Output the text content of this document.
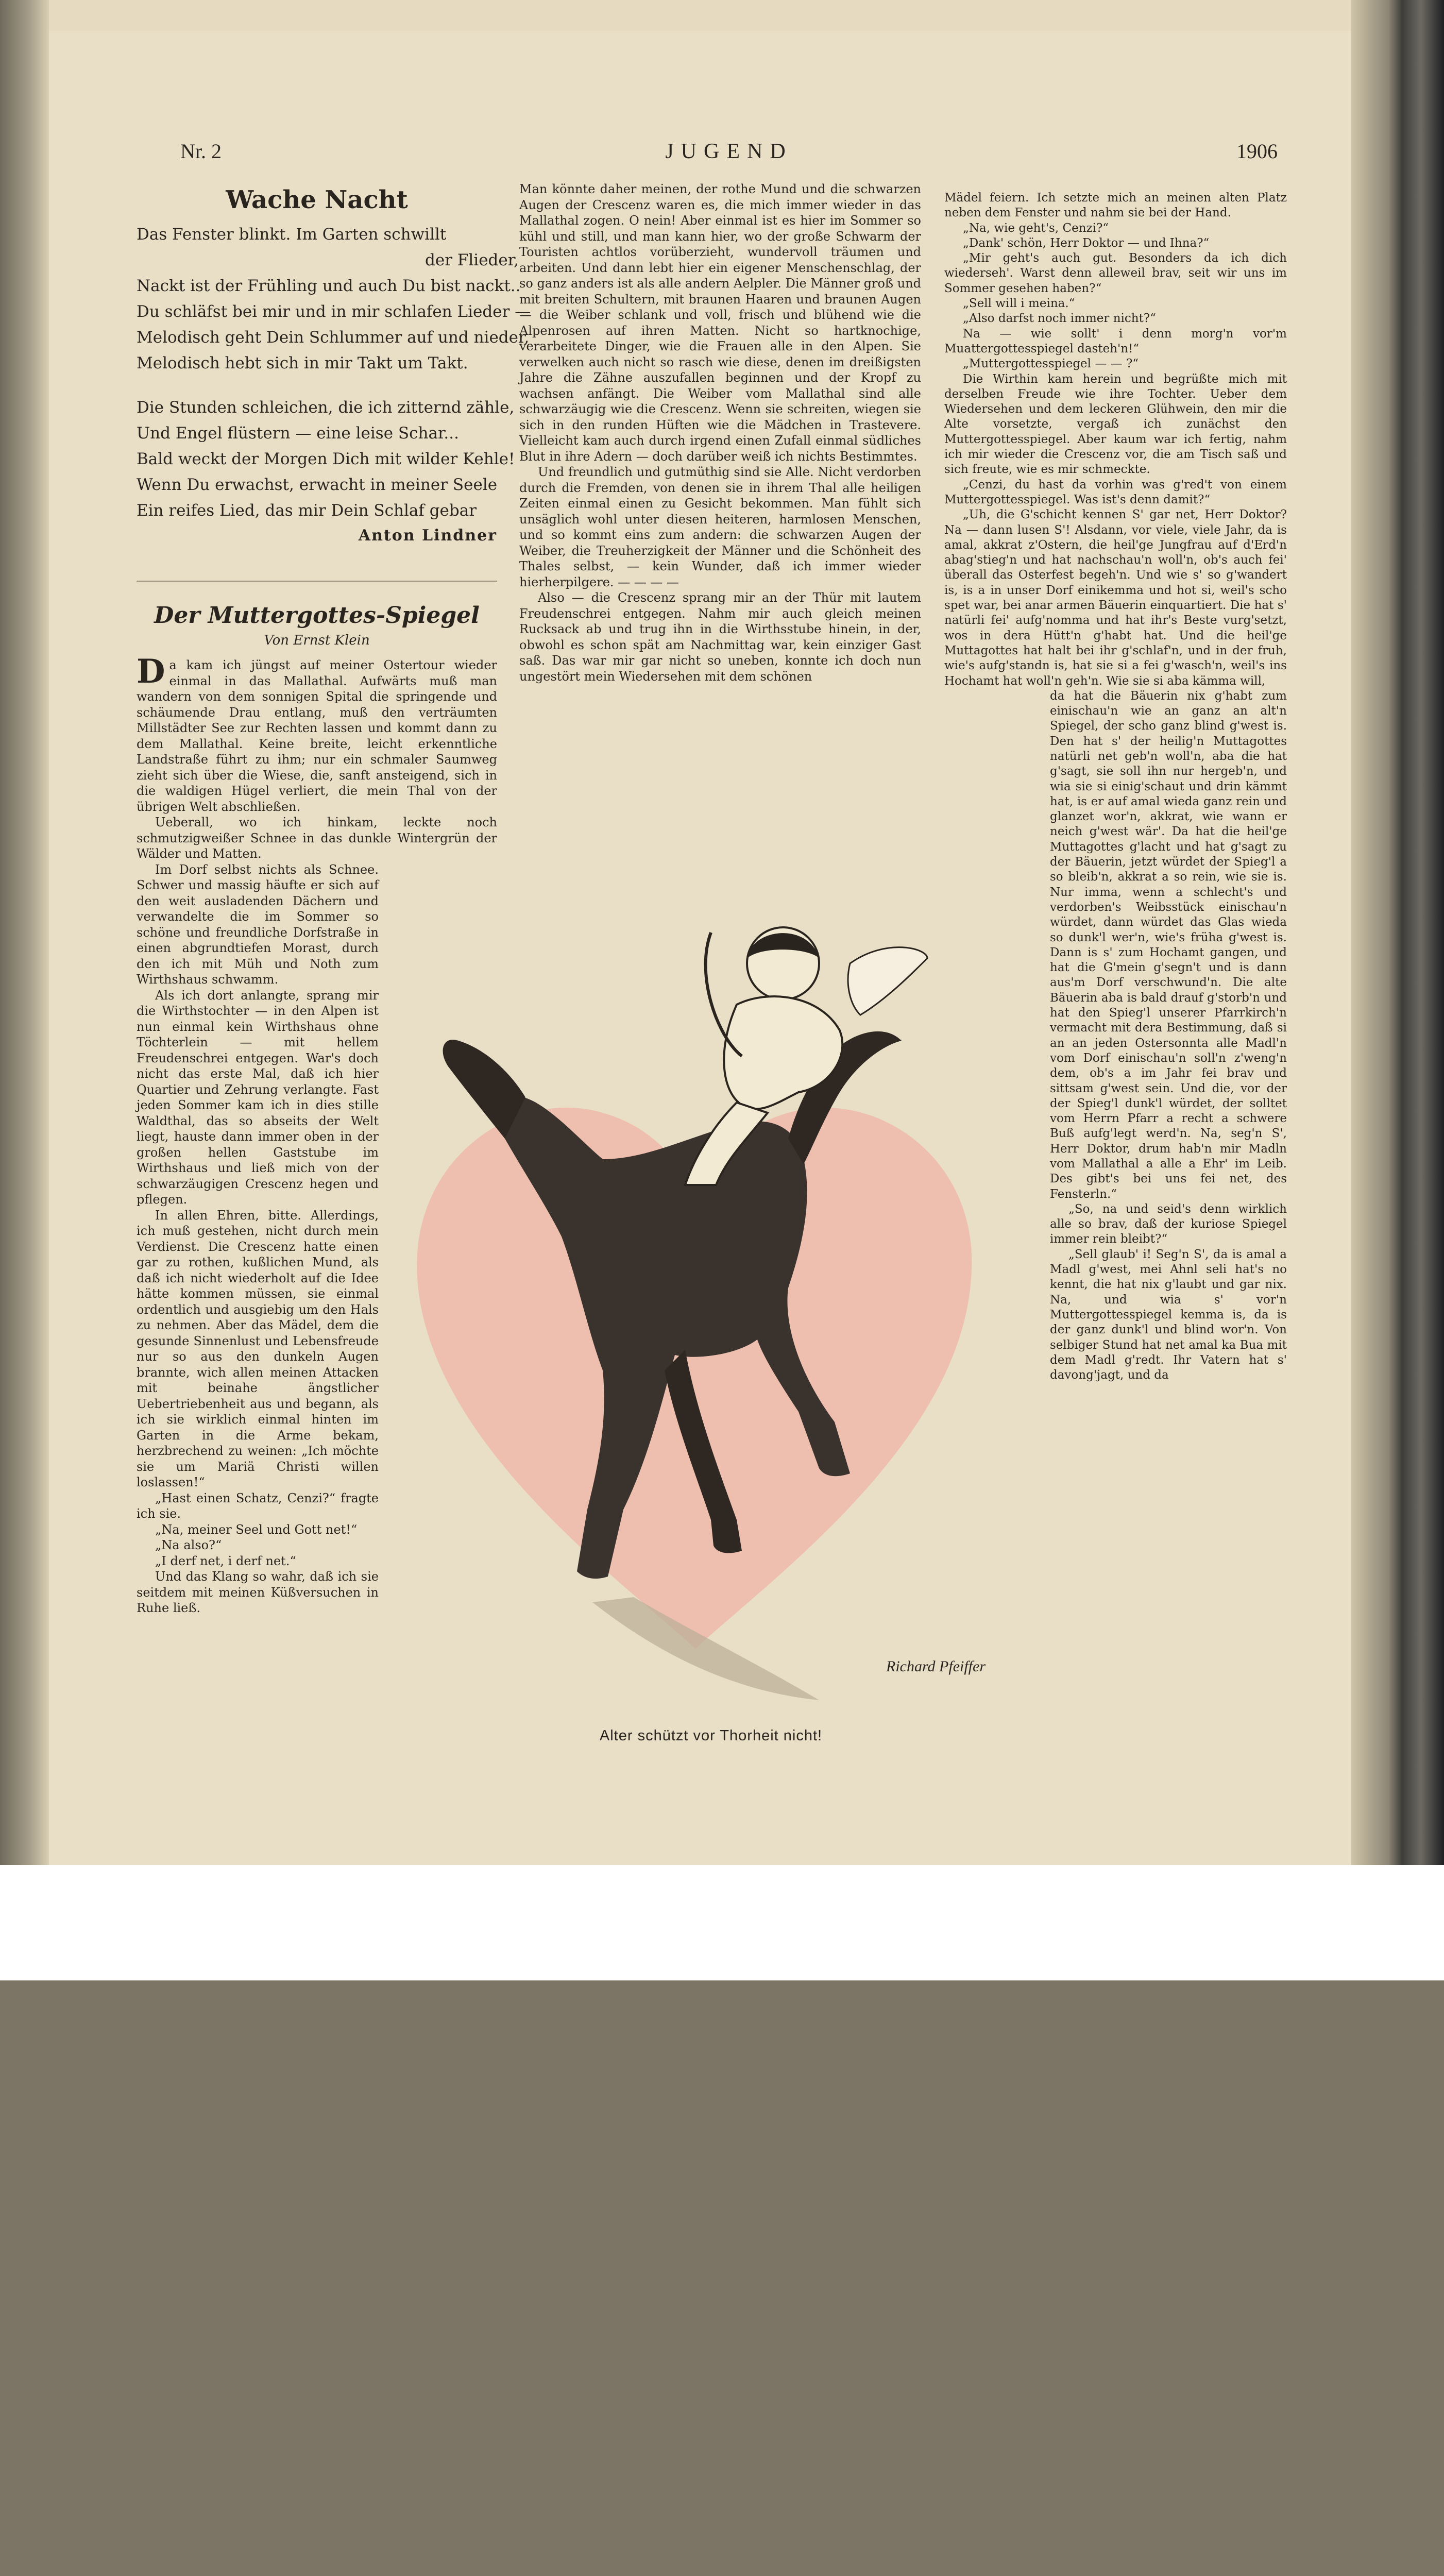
Nr. 2	JUGEND	1906
Wache Nacht
Das Fenster blinkt. Im Garten schwillt
der Flieder,
Nackt ist der Frühling und auch Du bist nackt..
Du schläfst bei mir und in mir schlafen Lieder —
Melodisch geht Dein Schlummer auf und nieder,
Melodisch hebt sich in mir Takt um Takt.
Die Stunden schleichen, die ich zitternd zähle,
Und Engel flüstern — eine leise Schar...
Bald weckt der Morgen Dich mit wilder Kehle!
Wenn Du erwachst, erwacht in meiner Seele
Ein reifes Lied, das mir Dein Schlaf gebar
Anton Lindner
Der Muttergottes-Spiegel
Von Ernst Klein

Da kam ich jüngst auf meiner Ostertour wieder einmal in das Mallathal. Aufwärts muß man wandern von dem sonnigen Spital die springende und schäumende Drau entlang, muß den verträumten Millstädter See zur Rechten lassen und kommt dann zu dem Mallathal. Keine breite, leicht erkenntliche Landstraße führt zu ihm; nur ein schmaler Saumweg zieht sich über die Wiese, die, sanft ansteigend, sich in die waldigen Hügel verliert, die mein Thal von der übrigen Welt abschließen.

Ueberall, wo ich hinkam, leckte noch schmutzigweißer Schnee in das dunkle Wintergrün der Wälder und Matten.

Im Dorf selbst nichts als Schnee. Schwer und massig häufte er sich auf den weit ausladenden Dächern und verwandelte die im Sommer so schöne und freundliche Dorfstraße in einen abgrundtiefen Morast, durch den ich mit Müh und Noth zum Wirthshaus schwamm.

Als ich dort anlangte, sprang mir die Wirthstochter — in den Alpen ist nun einmal kein Wirthshaus ohne Töchterlein — mit hellem Freudenschrei entgegen. War's doch nicht das erste Mal, daß ich hier Quartier und Zehrung verlangte. Fast jeden Sommer kam ich in dies stille Waldthal, das so abseits der Welt liegt, hauste dann immer oben in der großen hellen Gaststube im Wirthshaus und ließ mich von der schwarzäugigen Crescenz hegen und pflegen.

In allen Ehren, bitte. Allerdings, ich muß gestehen, nicht durch mein Verdienst. Die Crescenz hatte einen gar zu rothen, kußlichen Mund, als daß ich nicht wiederholt auf die Idee hätte kommen müssen, sie einmal ordentlich und ausgiebig um den Hals zu nehmen. Aber das Mädel, dem die gesunde Sinnenlust und Lebensfreude nur so aus den dunkeln Augen brannte, wich allen meinen Attacken mit beinahe ängstlicher Uebertriebenheit aus und begann, als ich sie wirklich einmal hinten im Garten in die Arme bekam, herzbrechend zu weinen: „Ich möchte sie um Mariä Christi willen loslassen!“

„Hast einen Schatz, Cenzi?“ fragte ich sie.

„Na, meiner Seel und Gott net!“

„Na also?“

„I derf net, i derf net.“

Und das Klang so wahr, daß ich sie seitdem mit meinen Küßversuchen in Ruhe ließ.

Man könnte daher meinen, der rothe Mund und die schwarzen Augen der Crescenz waren es, die mich immer wieder in das Mallathal zogen. O nein! Aber einmal ist es hier im Sommer so kühl und still, und man kann hier, wo der große Schwarm der Touristen achtlos vorüberzieht, wundervoll träumen und arbeiten. Und dann lebt hier ein eigener Menschenschlag, der so ganz anders ist als alle andern Aelpler. Die Männer groß und mit breiten Schultern, mit braunen Haaren und braunen Augen — die Weiber schlank und voll, frisch und blühend wie die Alpenrosen auf ihren Matten. Nicht so hartknochige, verarbeitete Dinger, wie die Frauen alle in den Alpen. Sie verwelken auch nicht so rasch wie diese, denen im dreißigsten Jahre die Zähne auszufallen beginnen und der Kropf zu wachsen anfängt. Die Weiber vom Mallathal sind alle schwarzäugig wie die Crescenz. Wenn sie schreiten, wiegen sie sich in den runden Hüften wie die Mädchen in Trastevere. Vielleicht kam auch durch irgend einen Zufall einmal südliches Blut in ihre Adern — doch darüber weiß ich nichts Bestimmtes.

Und freundlich und gutmüthig sind sie Alle. Nicht verdorben durch die Fremden, von denen sie in ihrem Thal alle heiligen Zeiten einmal einen zu Gesicht bekommen. Man fühlt sich unsäglich wohl unter diesen heiteren, harmlosen Menschen, und so kommt eins zum andern: die schwarzen Augen der Weiber, die Treuherzigkeit der Männer und die Schönheit des Thales selbst, — kein Wunder, daß ich immer wieder hierherpilgere. — — — —

Also — die Crescenz sprang mir an der Thür mit lautem Freudenschrei entgegen. Nahm mir auch gleich meinen Rucksack ab und trug ihn in die Wirthsstube hinein, in der, obwohl es schon spät am Nachmittag war, kein einziger Gast saß. Das war mir gar nicht so uneben, konnte ich doch nun ungestört mein Wiedersehen mit dem schönen

Mädel feiern. Ich setzte mich an meinen alten Platz neben dem Fenster und nahm sie bei der Hand.

„Na, wie geht's, Cenzi?“

„Dank' schön, Herr Doktor — und Ihna?“

„Mir geht's auch gut. Besonders da ich dich wiederseh'. Warst denn alleweil brav, seit wir uns im Sommer gesehen haben?“

„Sell will i meina.“

„Also darfst noch immer nicht?“

Na — wie sollt' i denn morg'n vor'm Muattergottesspiegel dasteh'n!“

„Muttergottesspiegel — — ?“

Die Wirthin kam herein und begrüßte mich mit derselben Freude wie ihre Tochter. Ueber dem Wiedersehen und dem leckeren Glühwein, den mir die Alte vorsetzte, vergaß ich zunächst den Muttergottesspiegel. Aber kaum war ich fertig, nahm ich mir wieder die Crescenz vor, die am Tisch saß und sich freute, wie es mir schmeckte.

„Cenzi, du hast da vorhin was g'red't von einem Muttergottesspiegel. Was ist's denn damit?“

„Uh, die G'schicht kennen S' gar net, Herr Doktor? Na — dann lusen S'! Alsdann, vor viele, viele Jahr, da is amal, akkrat z'Ostern, die heil'ge Jungfrau auf d'Erd'n abag'stieg'n und hat nachschau'n woll'n, ob's auch fei' überall das Osterfest begeh'n. Und wie s' so g'wandert is, is a in unser Dorf einikemma und hot si, weil's scho spet war, bei anar armen Bäuerin einquartiert. Die hat s' natürli fei' aufg'nomma und hat ihr's Beste vurg'setzt, wos in dera Hütt'n g'habt hat. Und die heil'ge Muttagottes hat halt bei ihr g'schlaf'n, und in der fruh, wie's aufg'standn is, hat sie si a fei g'wasch'n, weil's ins Hochamt hat woll'n geh'n. Wie sie si aba kämma will,

da hat die Bäuerin nix g'habt zum einischau'n wie an ganz an alt'n Spiegel, der scho ganz blind g'west is. Den hat s' der heilig'n Muttagottes natürli net geb'n woll'n, aba die hat g'sagt, sie soll ihn nur hergeb'n, und wia sie si einig'schaut und drin kämmt hat, is er auf amal wieda ganz rein und glanzet wor'n, akkrat, wie wann er neich g'west wär'. Da hat die heil'ge Muttagottes g'lacht und hat g'sagt zu der Bäuerin, jetzt würdet der Spieg'l a so bleib'n, akkrat a so rein, wie sie is. Nur imma, wenn a schlecht's und verdorben's Weibsstück einischau'n würdet, dann würdet das Glas wieda so dunk'l wer'n, wie's früha g'west is. Dann is s' zum Hochamt gangen, und hat die G'mein g'segn't und is dann aus'm Dorf verschwund'n. Die alte Bäuerin aba is bald drauf g'storb'n und hat den Spieg'l unserer Pfarrkirch'n vermacht mit dera Bestimmung, daß si an an jeden Ostersonnta alle Madl'n vom Dorf einischau'n soll'n z'weng'n dem, ob's a im Jahr fei brav und sittsam g'west sein. Und die, vor der der Spieg'l dunk'l würdet, der solltet vom Herrn Pfarr a recht a schwere Buß aufg'legt werd'n. Na, seg'n S', Herr Doktor, drum hab'n mir Madln vom Mallathal a alle a Ehr' im Leib. Des gibt's bei uns fei net, des Fensterln.“

„So, na und seid's denn wirklich alle so brav, daß der kuriose Spiegel immer rein bleibt?“

„Sell glaub' i! Seg'n S', da is amal a Madl g'west, mei Ahnl seli hat's no kennt, die hat nix g'laubt und gar nix. Na, und wia s' vor'n Muttergottesspiegel kemma is, da is der ganz dunk'l und blind wor'n. Von selbiger Stund hat net amal ka Bua mit dem Madl g'redt. Ihr Vatern hat s' davong'jagt, und da

Richard Pfeiffer
Alter schützt vor Thorheit nicht!
